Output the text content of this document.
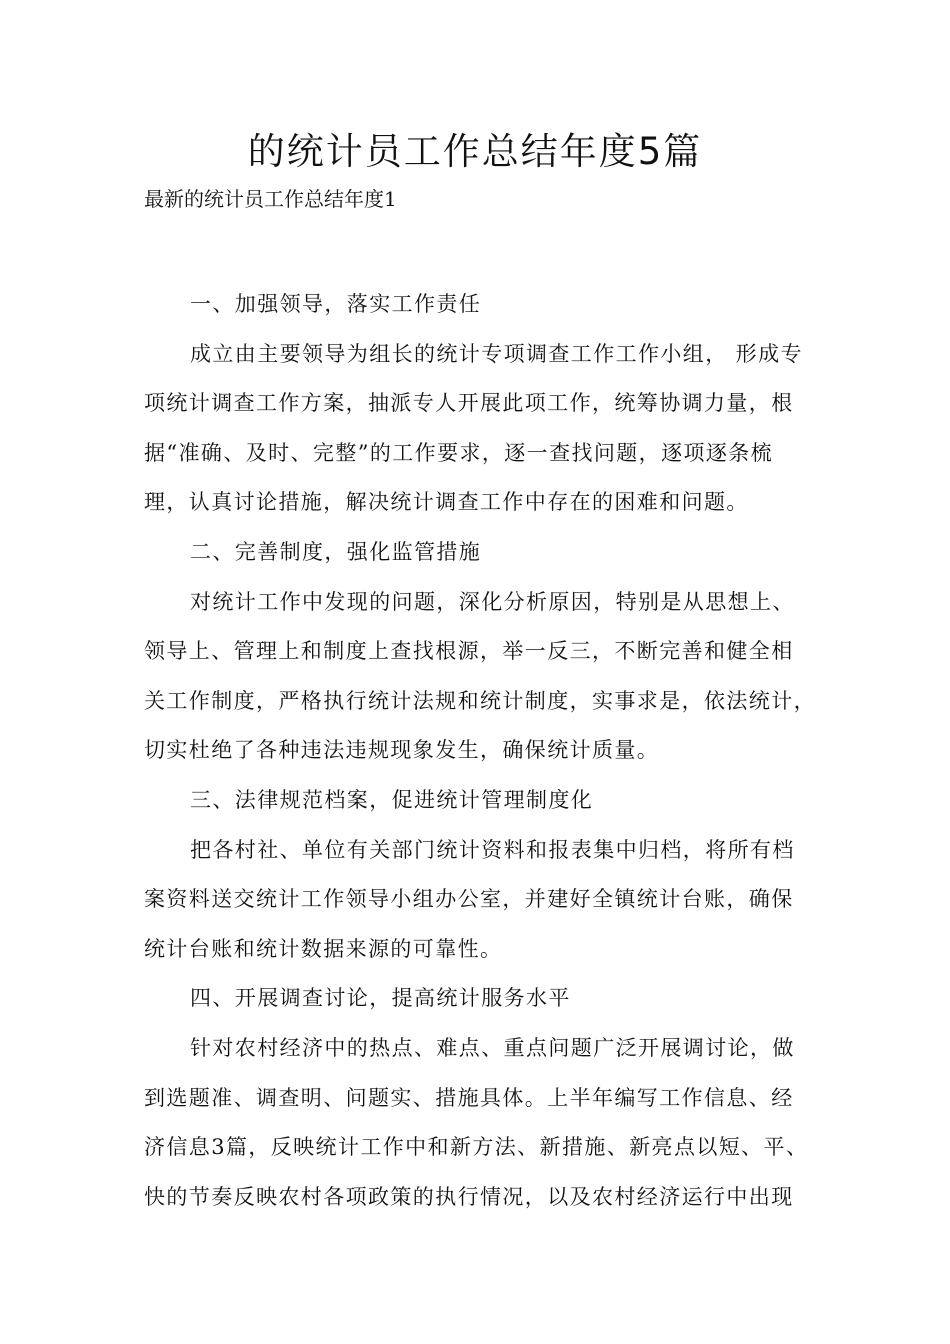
的统计员工作总结年度5篇

最新的统计员工作总结年度1

一、加强领导，落实工作责任
成立由主要领导为组长的统计专项调查工作工作小组， 形成专
项统计调查工作方案，抽派专人开展此项工作，统筹协调力量，根
据“准确、及时、完整”的工作要求，逐一查找问题，逐项逐条梳
理，认真讨论措施，解决统计调查工作中存在的困难和问题。
二、完善制度，强化监管措施
对统计工作中发现的问题，深化分析原因，特别是从思想上、
领导上、管理上和制度上查找根源，举一反三，不断完善和健全相
关工作制度，严格执行统计法规和统计制度，实事求是，依法统计，
切实杜绝了各种违法违规现象发生，确保统计质量。
三、法律规范档案，促进统计管理制度化
把各村社、单位有关部门统计资料和报表集中归档，将所有档
案资料送交统计工作领导小组办公室，并建好全镇统计台账，确保
统计台账和统计数据来源的可靠性。
四、开展调查讨论，提高统计服务水平
针对农村经济中的热点、难点、重点问题广泛开展调讨论，做
到选题准、调查明、问题实、措施具体。上半年编写工作信息、经
济信息3篇，反映统计工作中和新方法、新措施、新亮点以短、平、
快的节奏反映农村各项政策的执行情况，以及农村经济运行中出现
